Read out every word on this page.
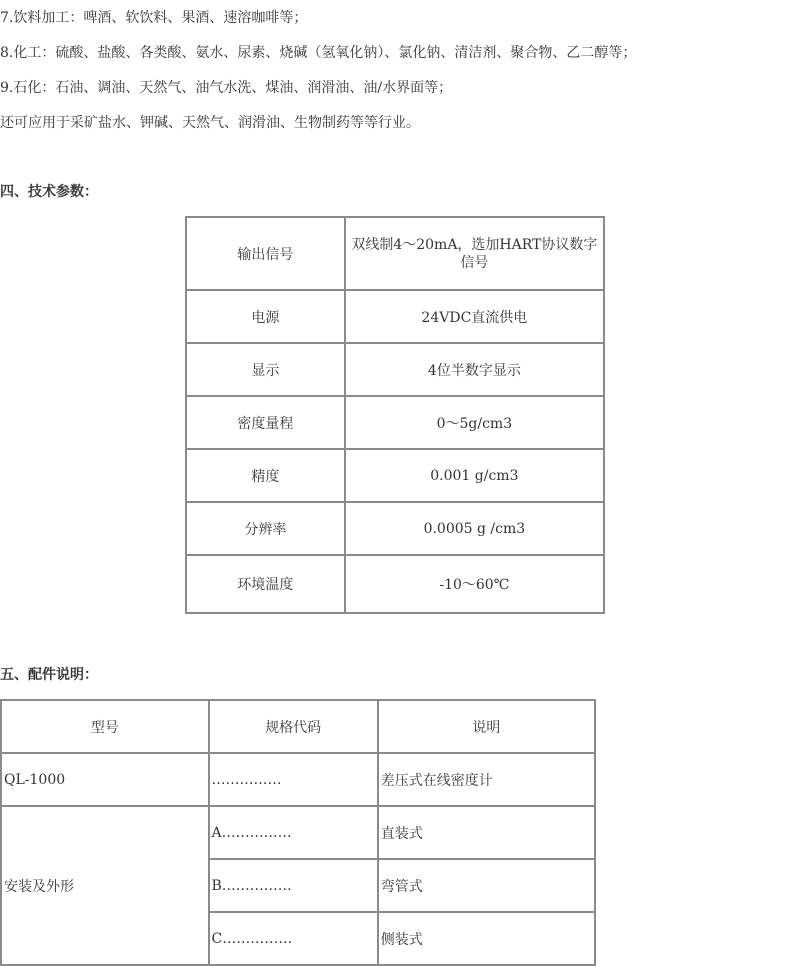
7.饮料加工：啤酒、软饮料、果酒、速溶咖啡等；
8.化工：硫酸、盐酸、各类酸、氨水、尿素、烧碱（氢氧化钠）、氯化钠、清洁剂、聚合物、乙二醇等；
9.石化：石油、调油、天然气、油气水洗、煤油、润滑油、油/水界面等；
还可应用于采矿盐水、钾碱、天然气、润滑油、生物制药等等行业。
四、技术参数：
输出信号	双线制4～20mA，选加HART协议数字信号
电源	24VDC直流供电
显示	4位半数字显示
密度量程	0～5g/cm3
精度	0.001 g/cm3
分辨率	0.0005 g /cm3
环境温度	-10～60℃
五、配件说明：
型号	规格代码	说明
QL-1000	……………	差压式在线密度计
安装及外形	A……………	直装式
	B……………	弯管式
	C……………	侧装式
